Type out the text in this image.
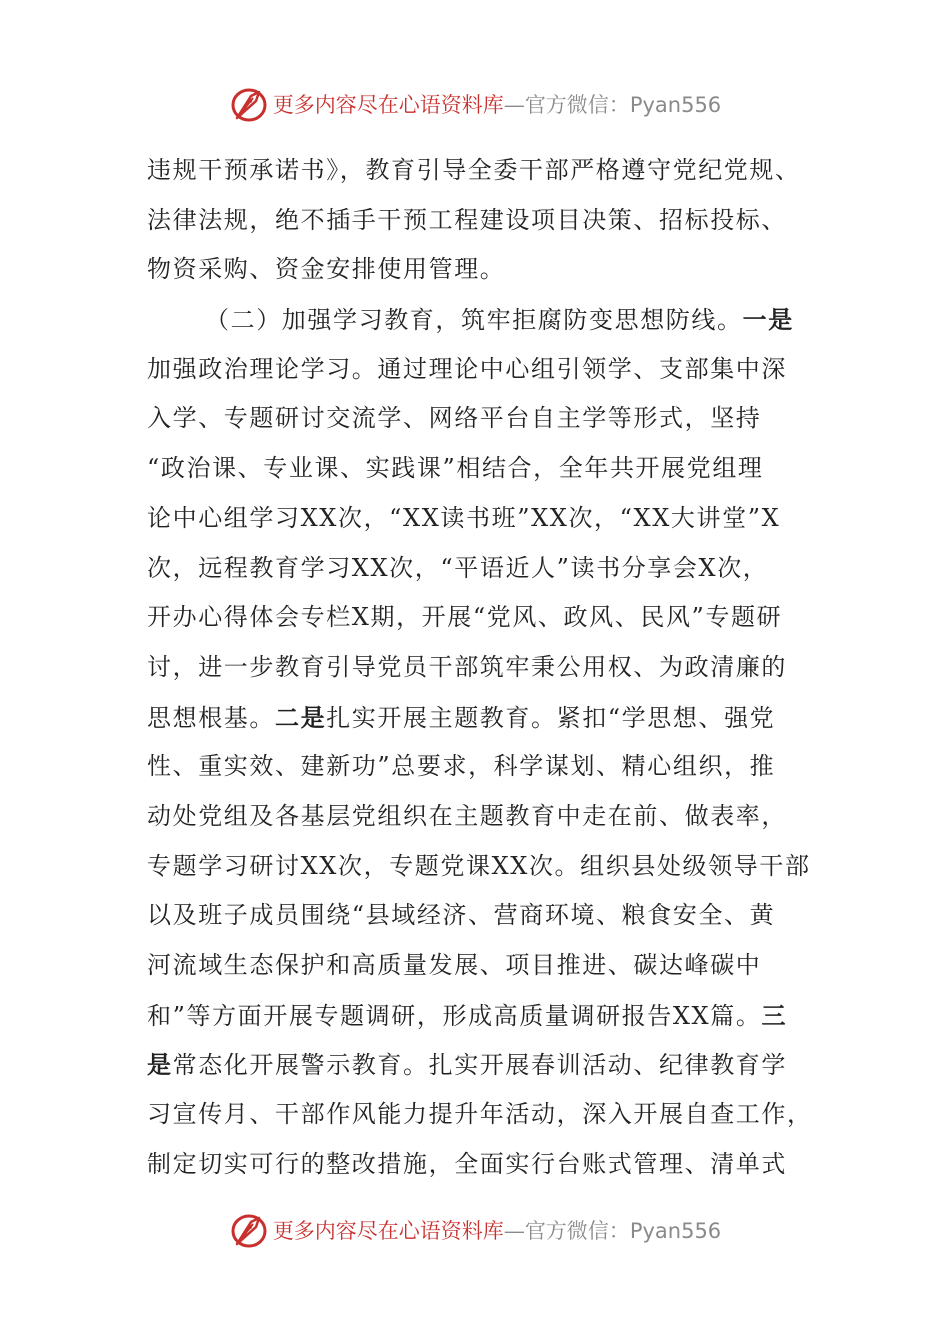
更多内容尽在心语资料库 — 官方微信： Pyan556
违规干预承诺书》，教育引导全委干部严格遵守党纪党规、
法律法规，绝不插手干预工程建设项目决策、招标投标、
物资采购、资金安排使用管理。
（二）加强学习教育，筑牢拒腐防变思想防线。一是
加强政治理论学习。通过理论中心组引领学、支部集中深
入学、专题研讨交流学、网络平台自主学等形式，坚持
“政治课、专业课、实践课”相结合，全年共开展党组理
论中心组学习XX次，“XX读书班”XX次，“XX大讲堂”X
次，远程教育学习XX次，“平语近人”读书分享会X次，
开办心得体会专栏X期，开展“党风、政风、民风”专题研
讨，进一步教育引导党员干部筑牢秉公用权、为政清廉的
思想根基。二是扎实开展主题教育。紧扣“学思想、强党
性、重实效、建新功”总要求，科学谋划、精心组织，推
动处党组及各基层党组织在主题教育中走在前、做表率，
专题学习研讨XX次，专题党课XX次。组织县处级领导干部
以及班子成员围绕“县域经济、营商环境、粮食安全、黄
河流域生态保护和高质量发展、项目推进、碳达峰碳中
和”等方面开展专题调研，形成高质量调研报告XX篇。三
是常态化开展警示教育。扎实开展春训活动、纪律教育学
习宣传月、干部作风能力提升年活动，深入开展自查工作，
制定切实可行的整改措施，全面实行台账式管理、清单式
更多内容尽在心语资料库 — 官方微信： Pyan556
